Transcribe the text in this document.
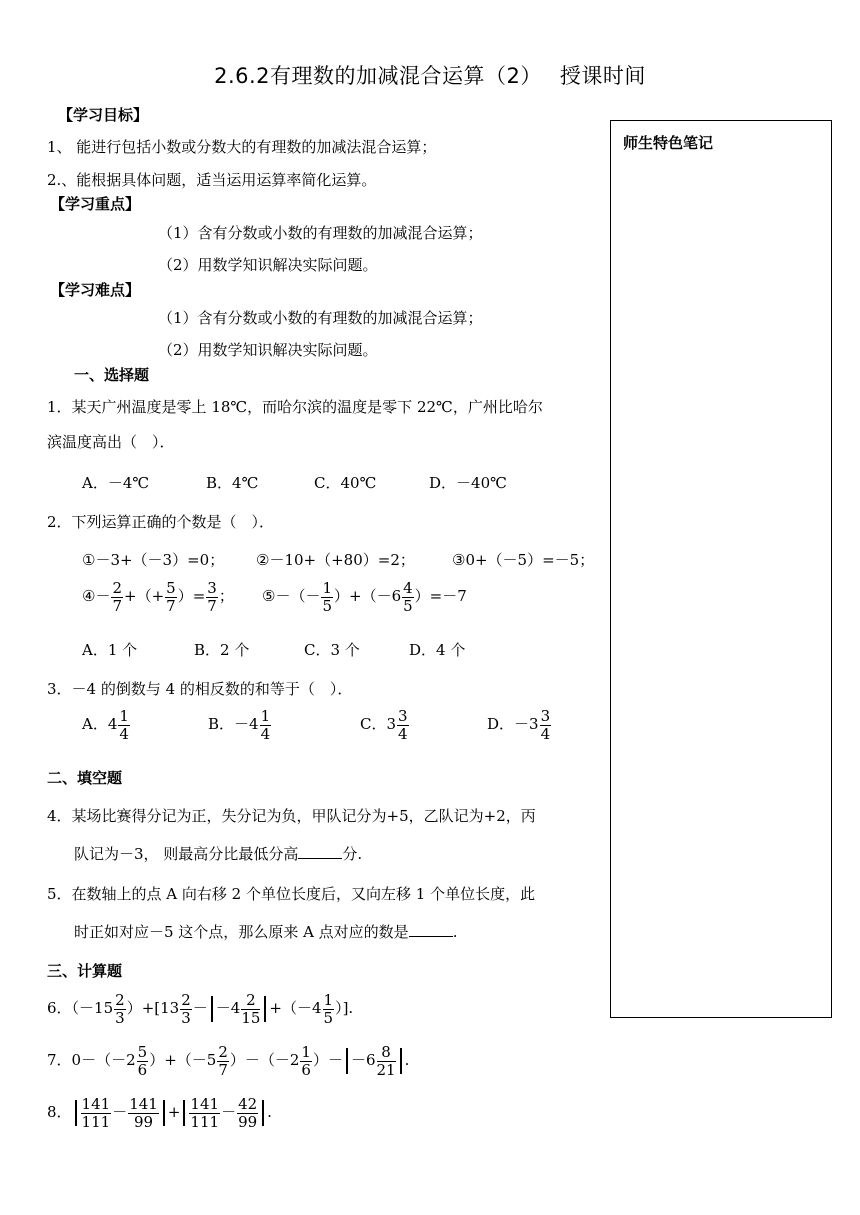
2.6.2有理数的加减混合运算（2） 授课时间
师生特色笔记
【学习目标】
1、 能进行包括小数或分数大的有理数的加减法混合运算；
2.、能根据具体问题，适当运用运算率简化运算。
【学习重点】
（1）含有分数或小数的有理数的加减混合运算；
（2）用数学知识解决实际问题。
【学习难点】
（1）含有分数或小数的有理数的加减混合运算；
（2）用数学知识解决实际问题。
一、选择题
1．某天广州温度是零上 18℃，而哈尔滨的温度是零下 22℃，广州比哈尔
滨温度高出（　）．
A．－4℃	B．4℃	C．40℃	D．－40℃
2．下列运算正确的个数是（　）．
①－3+（－3）=0； ②－10+（+80）=2； ③0+（－5）=－5；
④－ $\frac{2}{7}$ +（+ $\frac{5}{7}$ ）= $\frac{3}{7}$ ； ⑤－（－ $\frac{1}{5} )+(-6 \frac{4}{5} )=-7$
A．1 个	B．2 个	C．3 个	D．4 个
3．－4 的倒数与 4 的相反数的和等于（　）．
A．$4 \frac{1}{4}$	B．$-4 \frac{1}{4}$	C．$3 \frac{3}{4}$	D．$-3 \frac{3}{4}$
二、填空题
4．某场比赛得分记为正，失分记为负，甲队记分为+5，乙队记为+2，丙
队记为－3， 则最高分比最低分高	分.
5．在数轴上的点 A 向右移 2 个单位长度后，又向左移 1 个单位长度，此
时正如对应－5 这个点，那么原来 A 点对应的数是	.
三、计算题
6．$(-15 \frac{2}{3} )+[13 \frac{2}{3} - -4 \frac{2}{15} +(-4 \frac{1}{5}$ ）].
7．$0-(-2 \frac{5}{6} )+(-5 \frac{2}{7} )-(-2 \frac{1}{6}$ ）－ $-6 \frac{8}{21}$ .
8． $\frac{141}{111} - \frac{141}{99} + \frac{141}{111} - \frac{42}{99}$ .
